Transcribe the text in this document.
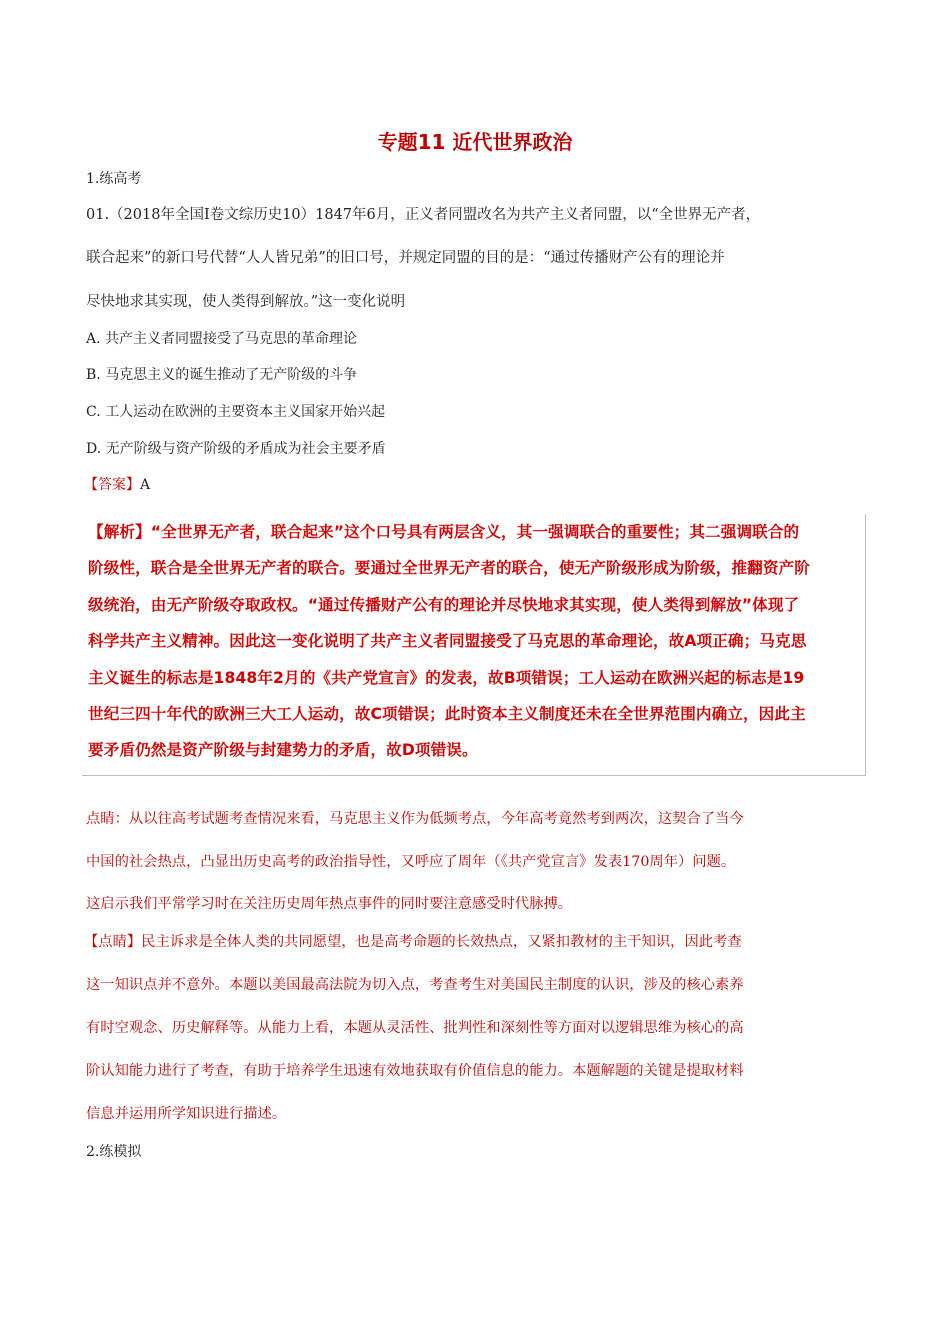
专题11 近代世界政治
1.练高考
01.（2018年全国Ⅰ卷文综历史10）1847年6月，正义者同盟改名为共产主义者同盟，以“全世界无产者，
联合起来”的新口号代替“人人皆兄弟”的旧口号，并规定同盟的目的是：“通过传播财产公有的理论并
尽快地求其实现，使人类得到解放。”这一变化说明
A. 共产主义者同盟接受了马克思的革命理论
B. 马克思主义的诞生推动了无产阶级的斗争
C. 工人运动在欧洲的主要资本主义国家开始兴起
D. 无产阶级与资产阶级的矛盾成为社会主要矛盾
【答案】A
【解析】“全世界无产者，联合起来”这个口号具有两层含义，其一强调联合的重要性；其二强调联合的
阶级性，联合是全世界无产者的联合。要通过全世界无产者的联合，使无产阶级形成为阶级，推翻资产阶
级统治，由无产阶级夺取政权。“通过传播财产公有的理论并尽快地求其实现，使人类得到解放”体现了
科学共产主义精神。因此这一变化说明了共产主义者同盟接受了马克思的革命理论，故A项正确；马克思
主义诞生的标志是1848年2月的《共产党宣言》的发表，故B项错误；工人运动在欧洲兴起的标志是19
世纪三四十年代的欧洲三大工人运动，故C项错误；此时资本主义制度还未在全世界范围内确立，因此主
要矛盾仍然是资产阶级与封建势力的矛盾，故D项错误。
点睛：从以往高考试题考查情况来看，马克思主义作为低频考点，今年高考竟然考到两次，这契合了当今
中国的社会热点，凸显出历史高考的政治指导性，又呼应了周年（《共产党宣言》发表170周年）问题。
这启示我们平常学习时在关注历史周年热点事件的同时要注意感受时代脉搏。
【点睛】民主诉求是全体人类的共同愿望，也是高考命题的长效热点，又紧扣教材的主干知识，因此考查
这一知识点并不意外。本题以美国最高法院为切入点，考查考生对美国民主制度的认识，涉及的核心素养
有时空观念、历史解释等。从能力上看，本题从灵活性、批判性和深刻性等方面对以逻辑思维为核心的高
阶认知能力进行了考查，有助于培养学生迅速有效地获取有价值信息的能力。本题解题的关键是提取材料
信息并运用所学知识进行描述。
2.练模拟
